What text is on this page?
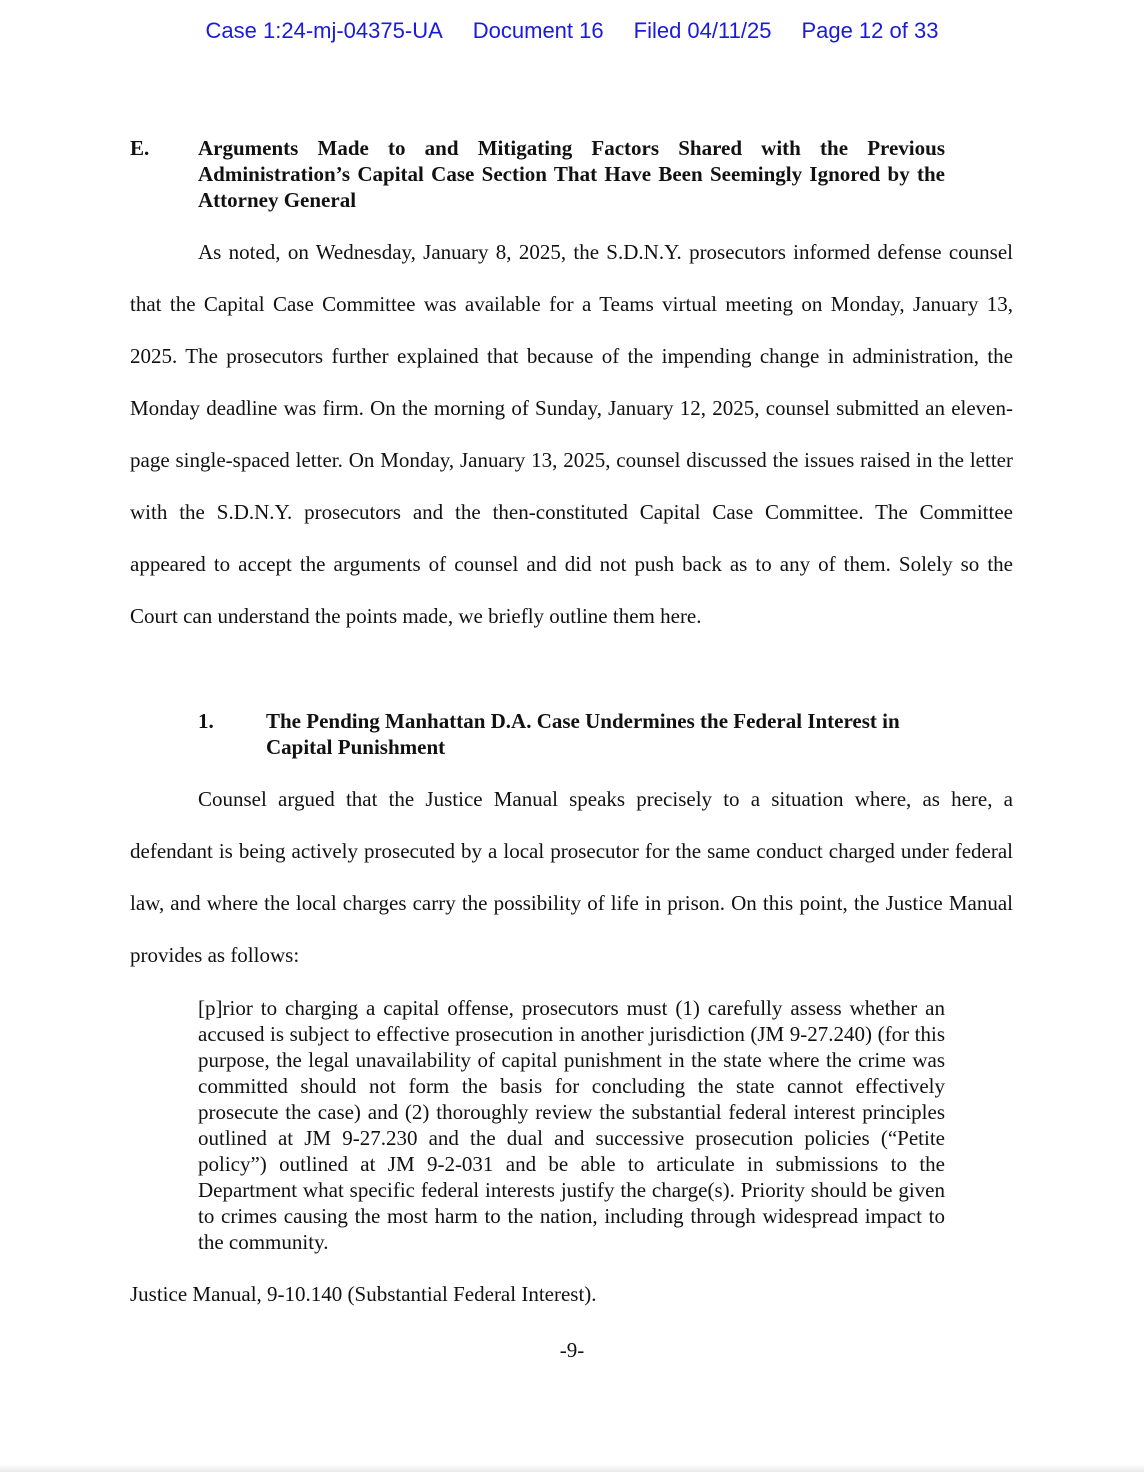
Case 1:24-mj-04375-UA Document 16 Filed 04/11/25 Page 12 of 33
E. Arguments Made to and Mitigating Factors Shared with the Previous Administration’s Capital Case Section That Have Been Seemingly Ignored by the Attorney General

As noted, on Wednesday, January 8, 2025, the S.D.N.Y. prosecutors informed defense counsel that the Capital Case Committee was available for a Teams virtual meeting on Monday, January 13, 2025. The prosecutors further explained that because of the impending change in administration, the Monday deadline was firm. On the morning of Sunday, January 12, 2025, counsel submitted an eleven-page single-spaced letter. On Monday, January 13, 2025, counsel discussed the issues raised in the letter with the S.D.N.Y. prosecutors and the then-constituted Capital Case Committee. The Committee appeared to accept the arguments of counsel and did not push back as to any of them. Solely so the Court can understand the points made, we briefly outline them here.

1. The Pending Manhattan D.A. Case Undermines the Federal Interest in Capital Punishment

Counsel argued that the Justice Manual speaks precisely to a situation where, as here, a defendant is being actively prosecuted by a local prosecutor for the same conduct charged under federal law, and where the local charges carry the possibility of life in prison. On this point, the Justice Manual provides as follows:

[p]rior to charging a capital offense, prosecutors must (1) carefully assess whether an accused is subject to effective prosecution in another jurisdiction (JM 9-27.240) (for this purpose, the legal unavailability of capital punishment in the state where the crime was committed should not form the basis for concluding the state cannot effectively prosecute the case) and (2) thoroughly review the substantial federal interest principles outlined at JM 9-27.230 and the dual and successive prosecution policies (“Petite policy”) outlined at JM 9-2-031 and be able to articulate in submissions to the Department what specific federal interests justify the charge(s). Priority should be given to crimes causing the most harm to the nation, including through widespread impact to the community.

Justice Manual, 9-10.140 (Substantial Federal Interest).
-9-
